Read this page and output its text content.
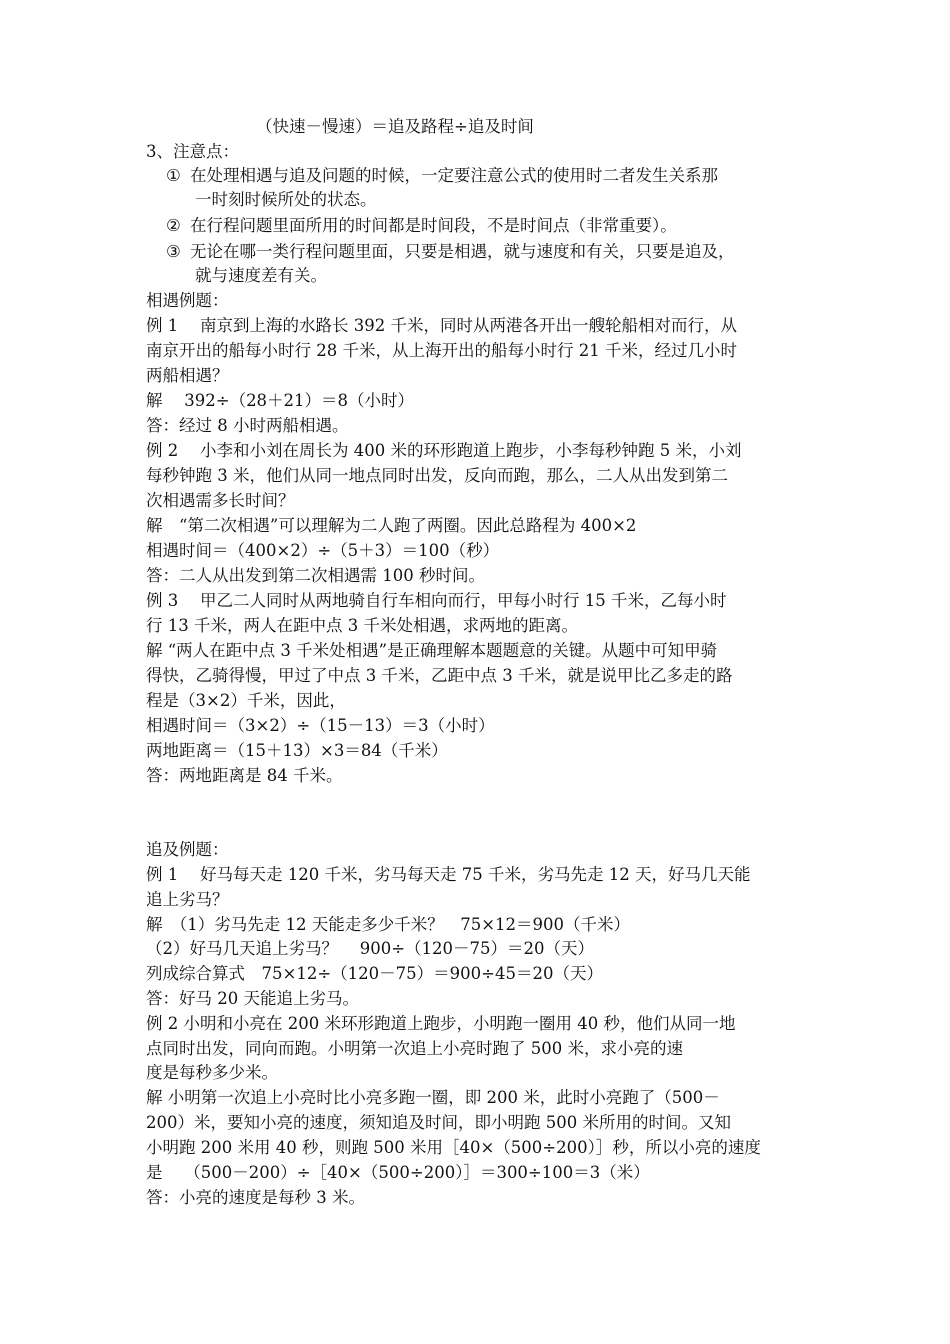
（快速－慢速）＝追及路程÷追及时间
3、注意点：
① 在处理相遇与追及问题的时候，一定要注意公式的使用时二者发生关系那
一时刻时候所处的状态。
② 在行程问题里面所用的时间都是时间段，不是时间点（非常重要）。
③ 无论在哪一类行程问题里面，只要是相遇，就与速度和有关，只要是追及，
就与速度差有关。
相遇例题：
例 1　 南京到上海的水路长 392 千米，同时从两港各开出一艘轮船相对而行，从
南京开出的船每小时行 28 千米，从上海开出的船每小时行 21 千米，经过几小时
两船相遇？
解　 392÷（28＋21）＝8（小时）
答：经过 8 小时两船相遇。
例 2　 小李和小刘在周长为 400 米的环形跑道上跑步，小李每秒钟跑 5 米，小刘
每秒钟跑 3 米，他们从同一地点同时出发，反向而跑，那么，二人从出发到第二
次相遇需多长时间？
解　“第二次相遇”可以理解为二人跑了两圈。因此总路程为 400×2
相遇时间＝（400×2）÷（5＋3）＝100（秒）
答：二人从出发到第二次相遇需 100 秒时间。
例 3　 甲乙二人同时从两地骑自行车相向而行，甲每小时行 15 千米，乙每小时
行 13 千米，两人在距中点 3 千米处相遇，求两地的距离。
解 “两人在距中点 3 千米处相遇”是正确理解本题题意的关键。从题中可知甲骑
得快，乙骑得慢，甲过了中点 3 千米，乙距中点 3 千米，就是说甲比乙多走的路
程是（3×2）千米，因此，
相遇时间＝（3×2）÷（15－13）＝3（小时）
两地距离＝（15＋13）×3＝84（千米）
答：两地距离是 84 千米。
追及例题：
例 1　 好马每天走 120 千米，劣马每天走 75 千米，劣马先走 12 天，好马几天能
追上劣马？
解　（1）劣马先走 12 天能走多少千米？　75×12＝900（千米）
（2）好马几天追上劣马？　 900÷（120－75）＝20（天）
列成综合算式　75×12÷（120－75）＝900÷45＝20（天）
答：好马 20 天能追上劣马。
例 2 小明和小亮在 200 米环形跑道上跑步，小明跑一圈用 40 秒，他们从同一地
点同时出发，同向而跑。小明第一次追上小亮时跑了 500 米，求小亮的速
度是每秒多少米。
解 小明第一次追上小亮时比小亮多跑一圈，即 200 米，此时小亮跑了（500－
200）米，要知小亮的速度，须知追及时间，即小明跑 500 米所用的时间。又知
小明跑 200 米用 40 秒，则跑 500 米用［40×（500÷200）］秒，所以小亮的速度
是　 （500－200）÷［40×（500÷200）］＝300÷100＝3（米）
答：小亮的速度是每秒 3 米。
